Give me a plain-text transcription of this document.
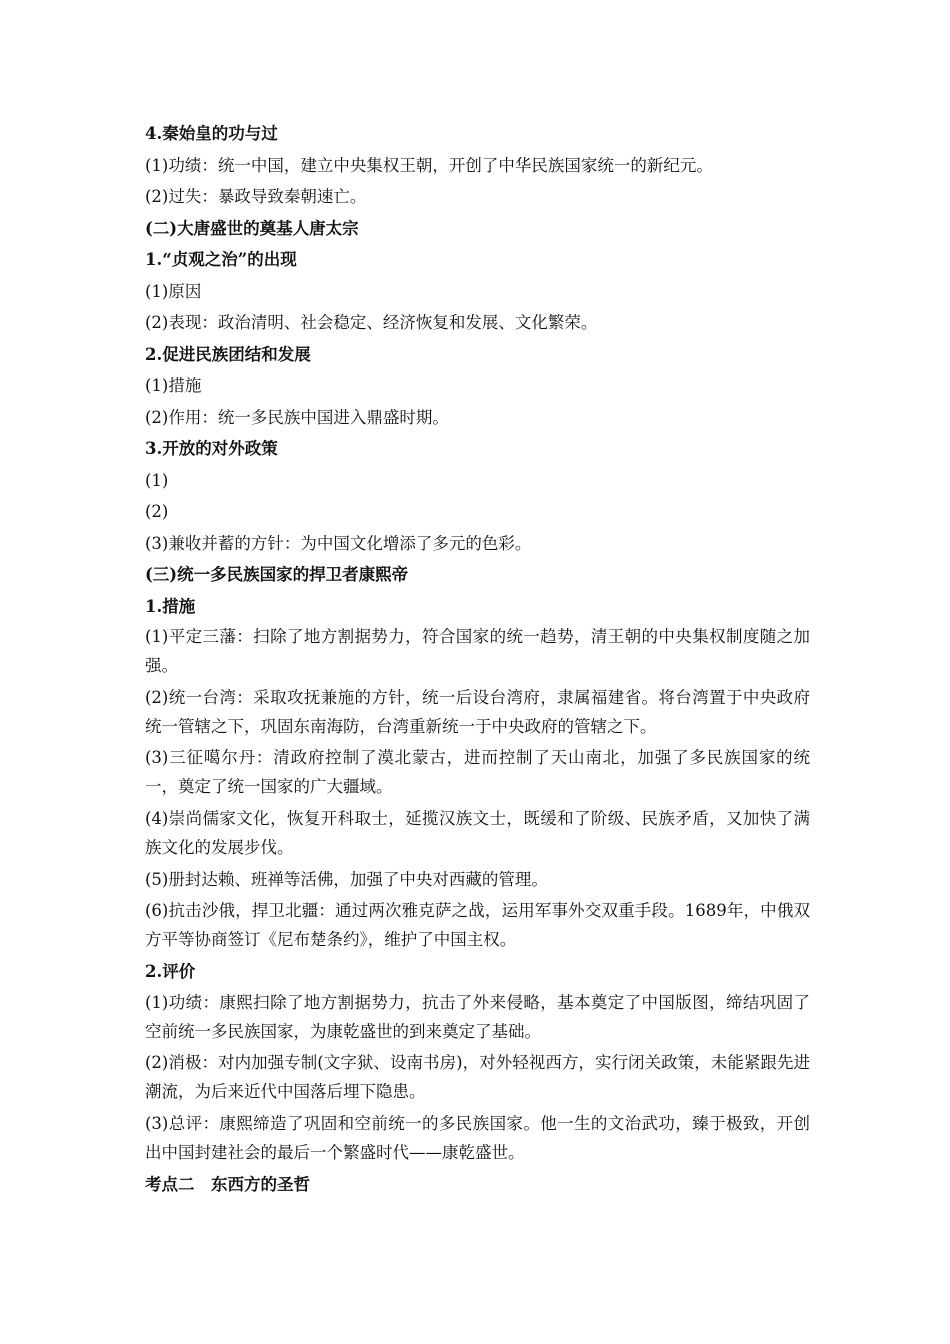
4.秦始皇的功与过

(1)功绩：统一中国，建立中央集权王朝，开创了中华民族国家统一的新纪元。

(2)过失：暴政导致秦朝速亡。

(二)大唐盛世的奠基人唐太宗

1.“贞观之治”的出现

(1)原因

(2)表现：政治清明、社会稳定、经济恢复和发展、文化繁荣。

2.促进民族团结和发展

(1)措施

(2)作用：统一多民族中国进入鼎盛时期。

3.开放的对外政策

(1)

(2)

(3)兼收并蓄的方针：为中国文化增添了多元的色彩。

(三)统一多民族国家的捍卫者康熙帝

1.措施

(1)平定三藩：扫除了地方割据势力，符合国家的统一趋势，清王朝的中央集权制度随之加强。

(2)统一台湾：采取攻抚兼施的方针，统一后设台湾府，隶属福建省。将台湾置于中央政府统一管辖之下，巩固东南海防，台湾重新统一于中央政府的管辖之下。

(3)三征噶尔丹：清政府控制了漠北蒙古，进而控制了天山南北，加强了多民族国家的统一，奠定了统一国家的广大疆域。

(4)崇尚儒家文化，恢复开科取士，延揽汉族文士，既缓和了阶级、民族矛盾，又加快了满族文化的发展步伐。

(5)册封达赖、班禅等活佛，加强了中央对西藏的管理。

(6)抗击沙俄，捍卫北疆：通过两次雅克萨之战，运用军事外交双重手段。1689年，中俄双方平等协商签订《尼布楚条约》，维护了中国主权。

2.评价

(1)功绩：康熙扫除了地方割据势力，抗击了外来侵略，基本奠定了中国版图，缔结巩固了空前统一多民族国家，为康乾盛世的到来奠定了基础。

(2)消极：对内加强专制(文字狱、设南书房)，对外轻视西方，实行闭关政策，未能紧跟先进潮流，为后来近代中国落后埋下隐患。

(3)总评：康熙缔造了巩固和空前统一的多民族国家。他一生的文治武功，臻于极致，开创出中国封建社会的最后一个繁盛时代——康乾盛世。

考点二　东西方的圣哲
